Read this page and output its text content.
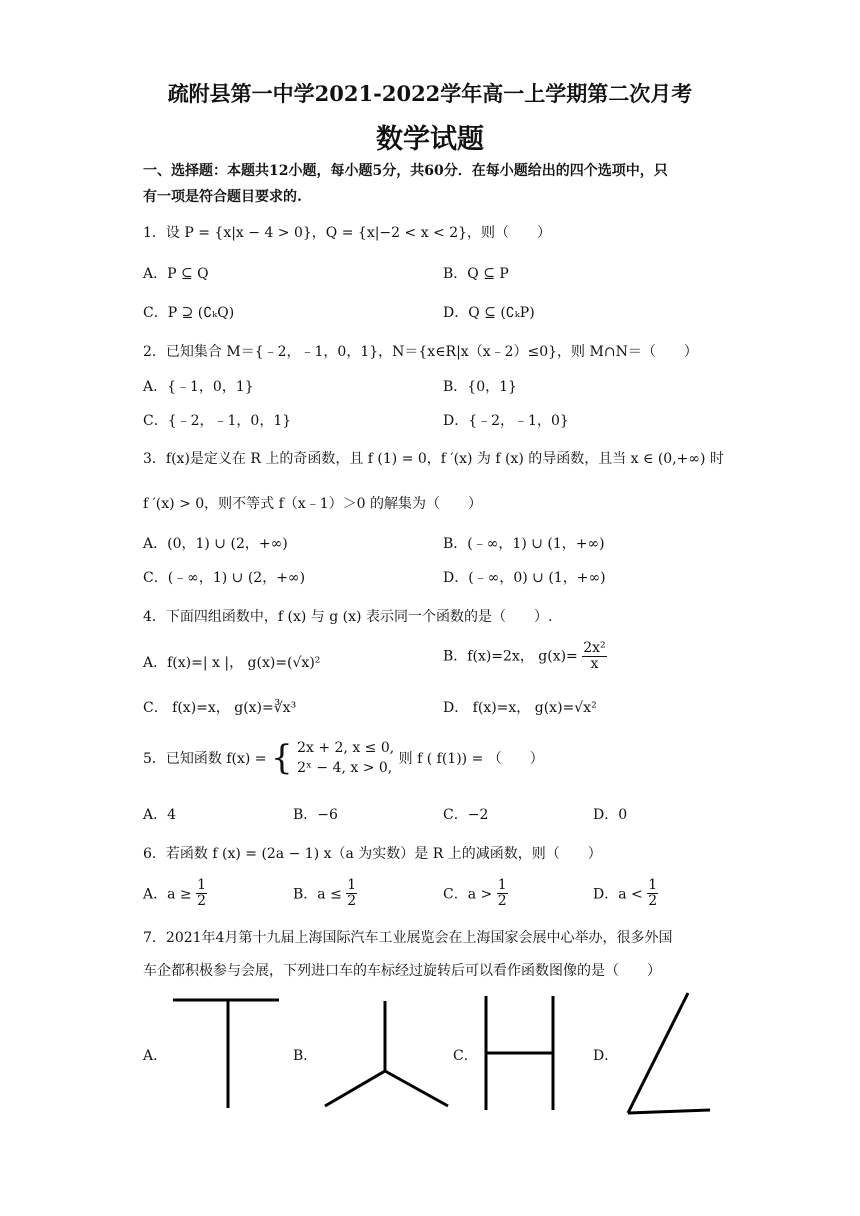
疏附县第一中学2021-2022学年高一上学期第二次月考
数学试题
一、选择题：本题共12小题，每小题5分，共60分．在每小题给出的四个选项中，只
有一项是符合题目要求的.
1．设 P = {x|x − 4 > 0}，Q = {x|−2 < x < 2}，则（　　）
A．P ⊆ Q	B．Q ⊆ P
C．P ⊇ (∁ₖQ)	D．Q ⊆ (∁ₖP)
2．已知集合 M＝{﹣2，﹣1，0，1}，N＝{x∈R|x（x﹣2）≤0}，则 M∩N＝（　　）
A．{﹣1，0，1}	B．{0，1}
C．{﹣2，﹣1，0，1}	D．{﹣2，﹣1，0}
3．f(x)是定义在 R 上的奇函数，且 f (1) = 0，f ′(x) 为 f (x) 的导函数，且当 x ∈ (0,+∞) 时
f ′(x) > 0，则不等式 f（x﹣1）＞0 的解集为（　　）
A．(0，1) ∪ (2，+∞)	B．(﹣∞，1) ∪ (1，+∞)
C．(﹣∞，1) ∪ (2，+∞)	D．(﹣∞，0) ∪ (1，+∞)
4．下面四组函数中，f (x) 与 g (x) 表示同一个函数的是（　　）.
A．f(x)=| x |， g(x)=(√x)²	B．f(x)=2x， $g(x)= \frac{\text{2x²}}{x}$
C． f(x)=x， g(x)=∛x³	D． f(x)=x， g(x)=√x²
5．已知函数 f(x) = { 2x + 2, x ≤ 0,
2ˣ − 4, x > 0,
则 f ( f(1)) = （　　）
A．4	B．−6	C．−2	D．0
6．若函数 f (x) = (2a − 1) x（a 为实数）是 R 上的减函数，则（　　）
A．$a \ge \frac{1}{2}$	B．$a \le \frac{1}{2}$	C．$a > \frac{1}{2}$	D．$a < \frac{1}{2}$
7．2021年4月第十九届上海国际汽车工业展览会在上海国家会展中心举办，很多外国
车企都积极参与会展，下列进口车的车标经过旋转后可以看作函数图像的是（　　）
A．	B．	C．	D．
